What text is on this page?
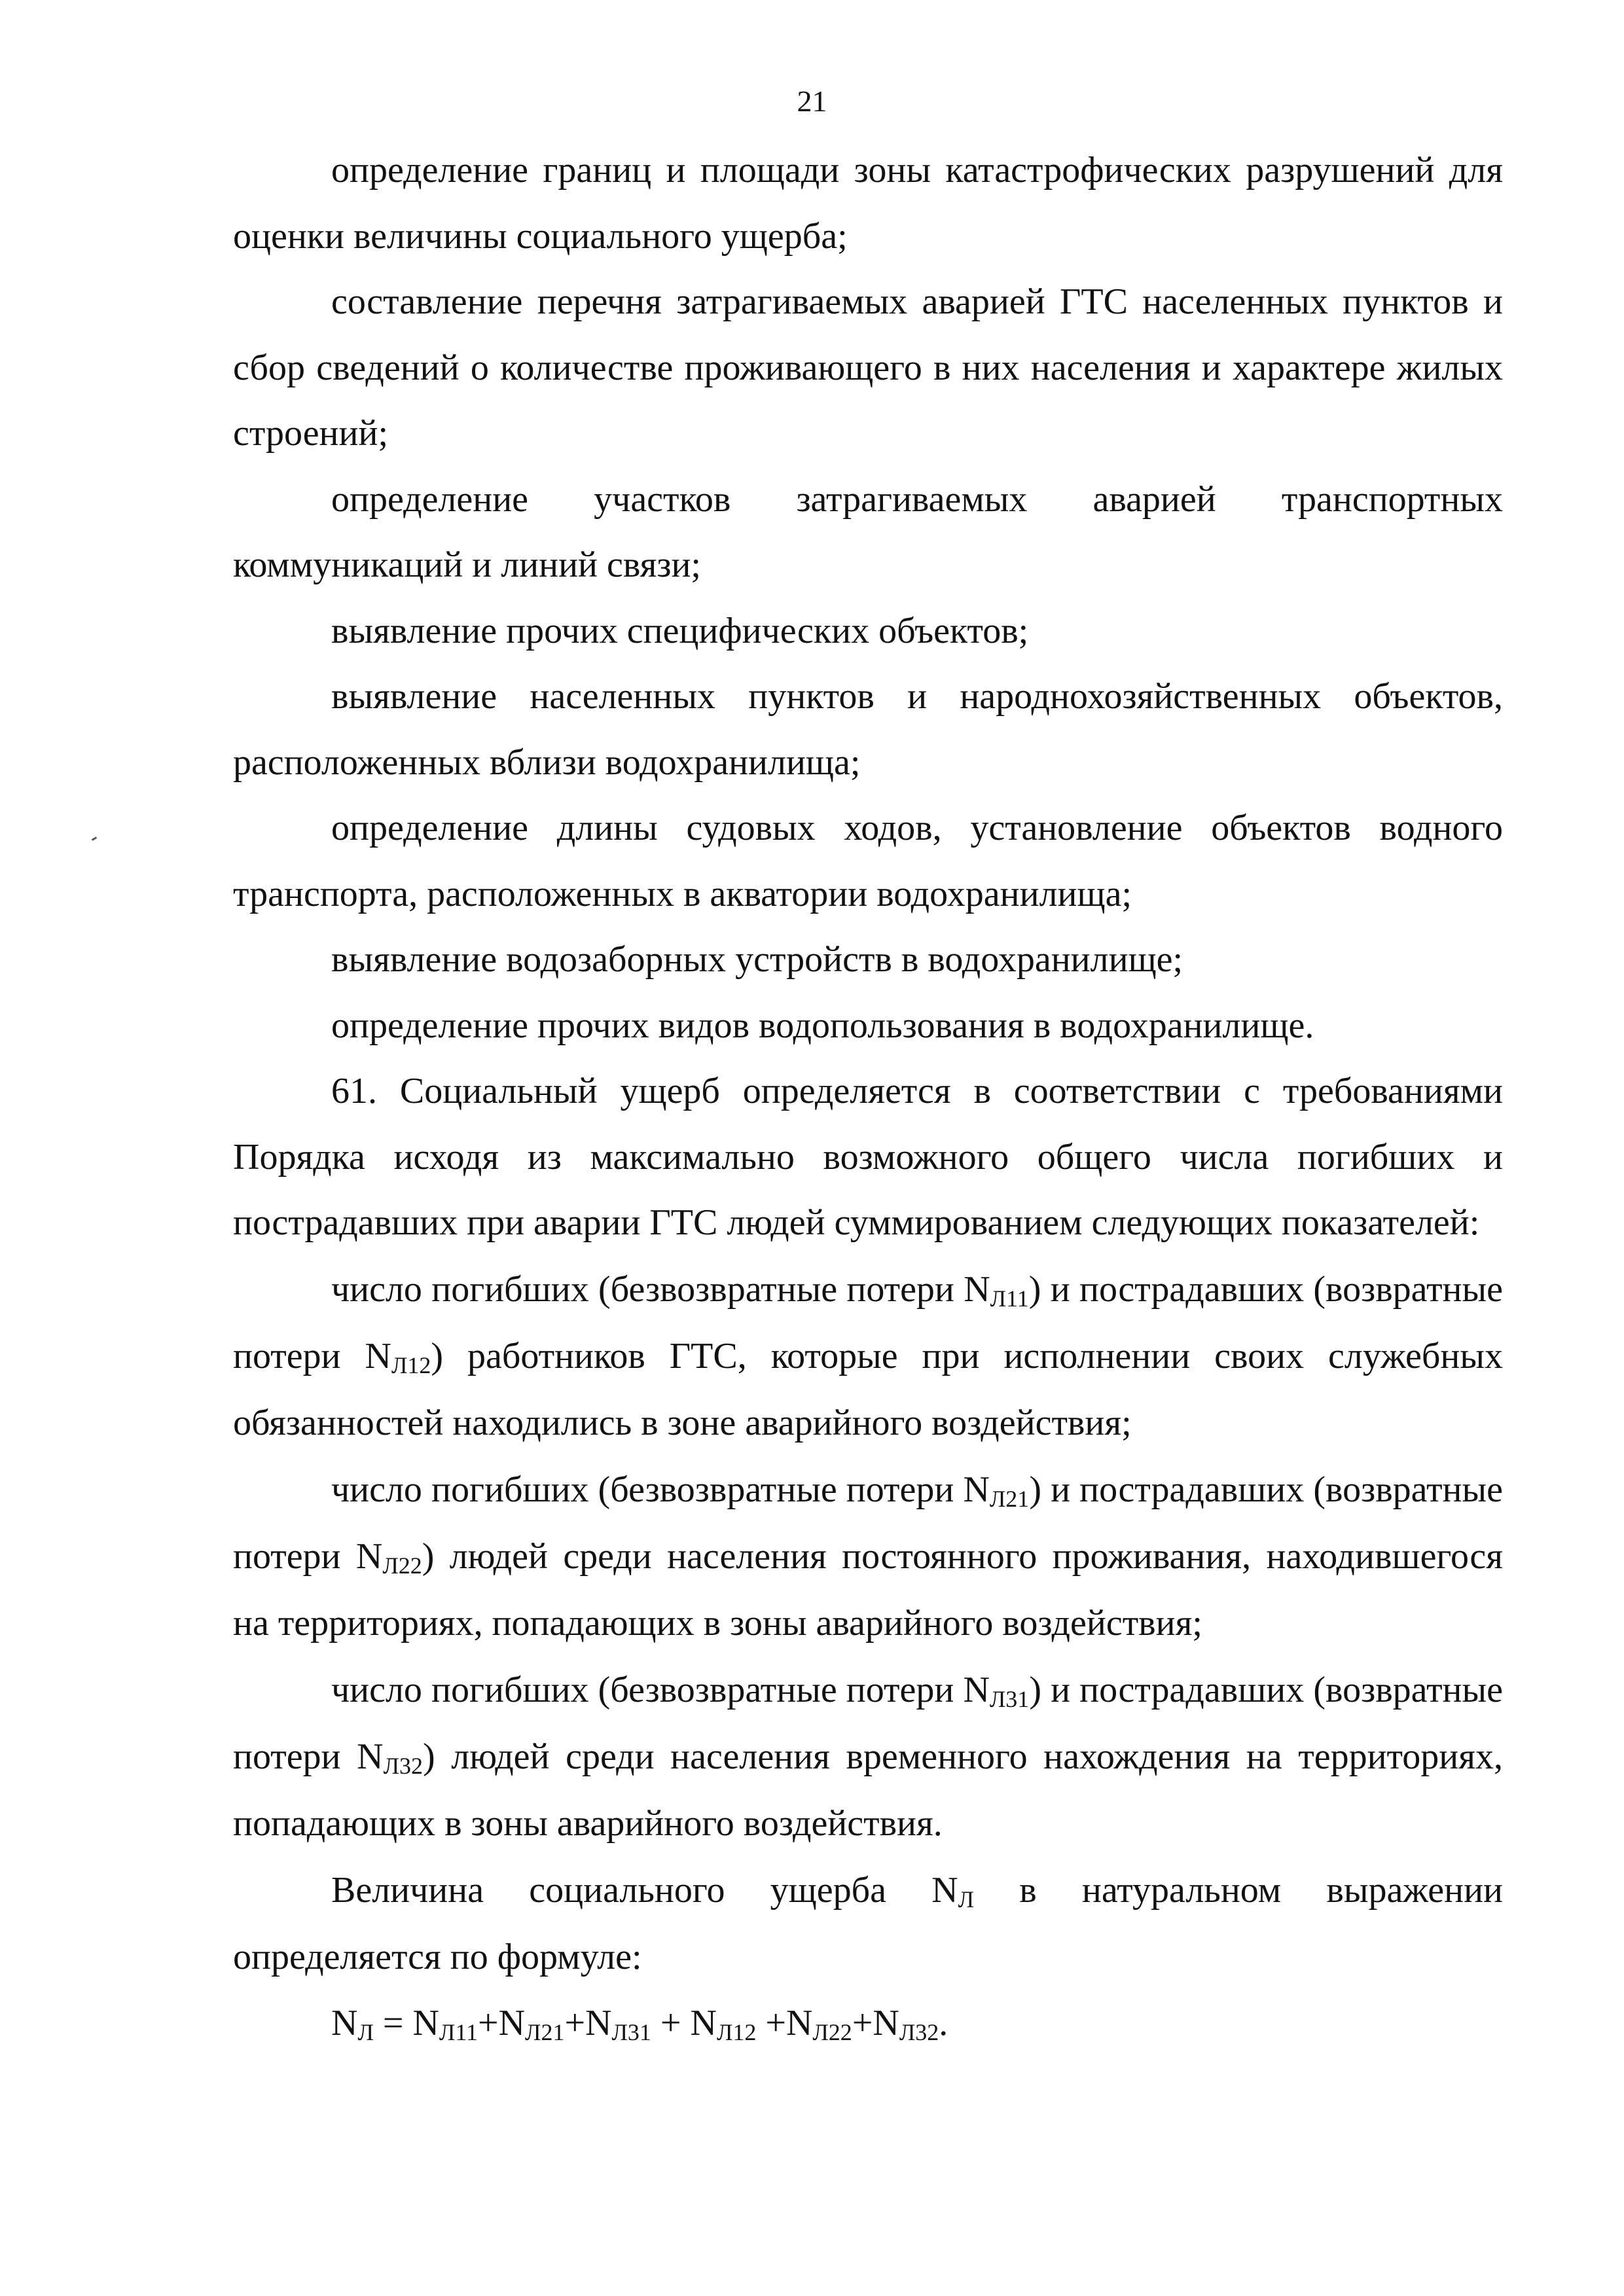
21

определение границ и площади зоны катастрофических разрушений для оценки величины социального ущерба;

составление перечня затрагиваемых аварией ГТС населенных пунктов и сбор сведений о количестве проживающего в них населения и характере жилых строений;

определение участков затрагиваемых аварией транспортных коммуникаций и линий связи;

выявление прочих специфических объектов;

выявление населенных пунктов и народнохозяйственных объектов, расположенных вблизи водохранилища;

определение длины судовых ходов, установление объектов водного транспорта, расположенных в акватории водохранилища;

выявление водозаборных устройств в водохранилище;

определение прочих видов водопользования в водохранилище.

61. Социальный ущерб определяется в соответствии с требованиями Порядка исходя из максимально возможного общего числа погибших и пострадавших при аварии ГТС людей суммированием следующих показателей:

число погибших (безвозвратные потери $N_{Л11}$) и пострадавших (возвратные потери $N_{Л12}$) работников ГТС, которые при исполнении своих служебных обязанностей находились в зоне аварийного воздействия;

число погибших (безвозвратные потери $N_{Л21}$) и пострадавших (возвратные потери $N_{Л22}$) людей среди населения постоянного проживания, находившегося на территориях, попадающих в зоны аварийного воздействия;

число погибших (безвозвратные потери $N_{Л31}$) и пострадавших (возвратные потери $N_{Л32}$) людей среди населения временного нахождения на территориях, попадающих в зоны аварийного воздействия.

Величина социального ущерба $N_Л$ в натуральном выражении определяется по формуле:

$N_Л = N_{Л11}+N_{Л21}+N_{Л31} + N_{Л12} +N_{Л22}+N_{Л32}$.
